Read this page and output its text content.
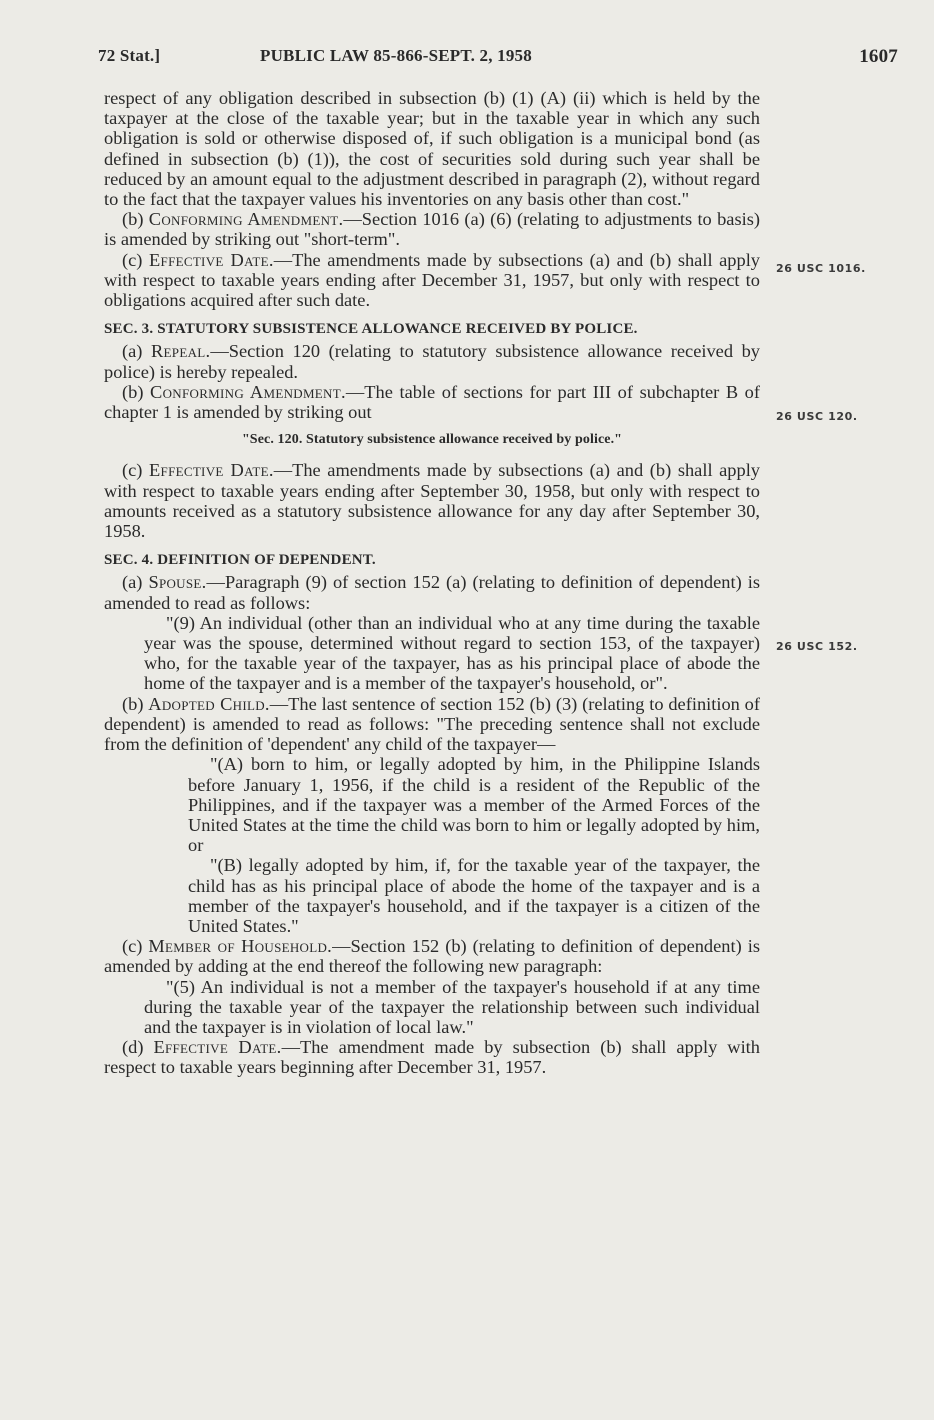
72 Stat.]	PUBLIC LAW 85-866-SEPT. 2, 1958	1607
26 USC 1016.
26 USC 120.
26 USC 152.

respect of any obligation described in subsection (b) (1) (A) (ii) which is held by the taxpayer at the close of the taxable year; but in the taxable year in which any such obligation is sold or otherwise disposed of, if such obligation is a municipal bond (as defined in subsection (b) (1)), the cost of securities sold during such year shall be reduced by an amount equal to the adjustment described in paragraph (2), without regard to the fact that the taxpayer values his inventories on any basis other than cost."

(b) Conforming Amendment.—Section 1016 (a) (6) (relating to adjustments to basis) is amended by striking out "short-term".

(c) Effective Date.—The amendments made by subsections (a) and (b) shall apply with respect to taxable years ending after December 31, 1957, but only with respect to obligations acquired after such date.

SEC. 3. STATUTORY SUBSISTENCE ALLOWANCE RECEIVED BY POLICE.

(a) Repeal.—Section 120 (relating to statutory subsistence allowance received by police) is hereby repealed.

(b) Conforming Amendment.—The table of sections for part III of subchapter B of chapter 1 is amended by striking out

"Sec. 120. Statutory subsistence allowance received by police."

(c) Effective Date.—The amendments made by subsections (a) and (b) shall apply with respect to taxable years ending after September 30, 1958, but only with respect to amounts received as a statutory subsistence allowance for any day after September 30, 1958.

SEC. 4. DEFINITION OF DEPENDENT.

(a) Spouse.—Paragraph (9) of section 152 (a) (relating to definition of dependent) is amended to read as follows:

"(9) An individual (other than an individual who at any time during the taxable year was the spouse, determined without regard to section 153, of the taxpayer) who, for the taxable year of the taxpayer, has as his principal place of abode the home of the taxpayer and is a member of the taxpayer's household, or".

(b) Adopted Child.—The last sentence of section 152 (b) (3) (relating to definition of dependent) is amended to read as follows: "The preceding sentence shall not exclude from the definition of 'dependent' any child of the taxpayer—

"(A) born to him, or legally adopted by him, in the Philippine Islands before January 1, 1956, if the child is a resident of the Republic of the Philippines, and if the taxpayer was a member of the Armed Forces of the United States at the time the child was born to him or legally adopted by him, or

"(B) legally adopted by him, if, for the taxable year of the taxpayer, the child has as his principal place of abode the home of the taxpayer and is a member of the taxpayer's household, and if the taxpayer is a citizen of the United States."

(c) Member of Household.—Section 152 (b) (relating to definition of dependent) is amended by adding at the end thereof the following new paragraph:

"(5) An individual is not a member of the taxpayer's household if at any time during the taxable year of the taxpayer the relationship between such individual and the taxpayer is in violation of local law."

(d) Effective Date.—The amendment made by subsection (b) shall apply with respect to taxable years beginning after December 31, 1957.
